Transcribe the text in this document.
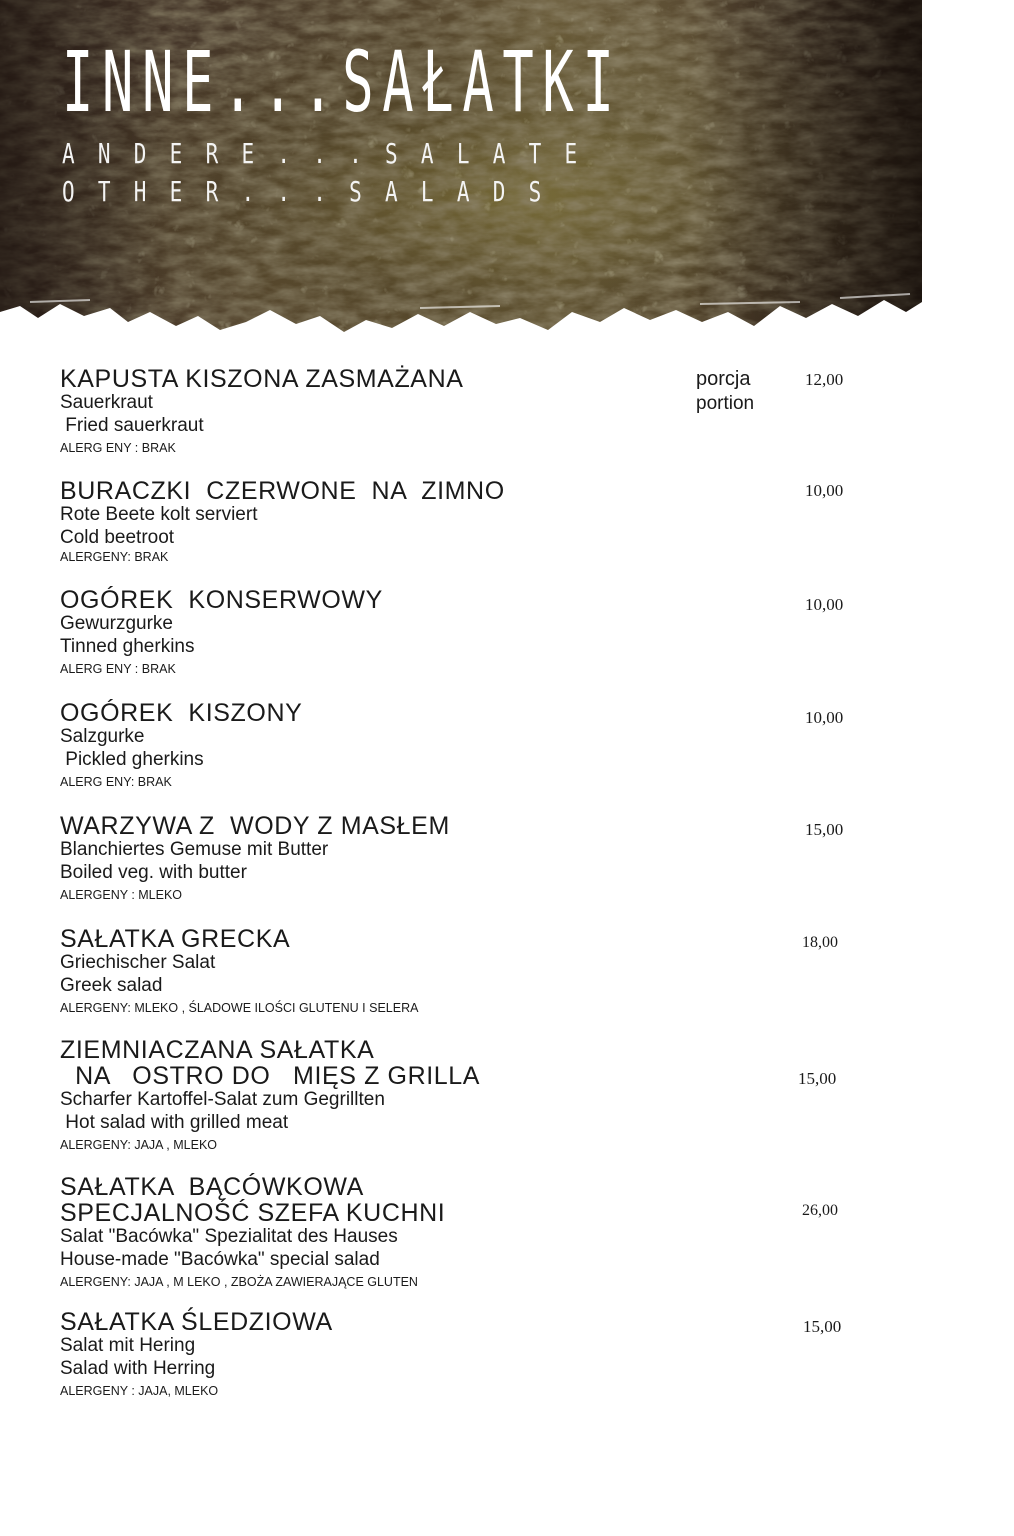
INNE...SAŁATKI
ANDERE...SALATE
OTHER...SALADS
KAPUSTA KISZONA ZASMAŻANA
Sauerkraut
Fried sauerkraut
ALERG ENY : BRAK
porcja
portion
12,00
BURACZKI  CZERWONE  NA  ZIMNO
Rote Beete kolt serviert
Cold beetroot
ALERGENY: BRAK
10,00
OGÓREK  KONSERWOWY
Gewurzgurke
Tinned gherkins
ALERG ENY : BRAK
10,00
OGÓREK  KISZONY
Salzgurke
Pickled gherkins
ALERG ENY: BRAK
10,00
WARZYWA Z  WODY Z MASŁEM
Blanchiertes Gemuse mit Butter
Boiled veg. with butter
ALERGENY : MLEKO
15,00
SAŁATKA GRECKA
Griechischer Salat
Greek salad
ALERGENY: MLEKO , ŚLADOWE ILOŚCI GLUTENU I SELERA
18,00
ZIEMNIACZANA SAŁATKA
NA   OSTRO DO   MIĘS Z GRILLA
Scharfer Kartoffel-Salat zum Gegrillten
Hot salad with grilled meat
ALERGENY: JAJA , MLEKO
15,00
SAŁATKA  BĄCÓWKOWA
SPECJALNOŚĆ SZEFA KUCHNI
Salat "Bacówka" Spezialitat des Hauses
House-made "Bacówka" special salad
ALERGENY: JAJA , M LEKO , ZBOŻA ZAWIERAJĄCE GLUTEN
26,00
SAŁATKA ŚLEDZIOWA
Salat mit Hering
Salad with Herring
ALERGENY : JAJA, MLEKO
15,00
